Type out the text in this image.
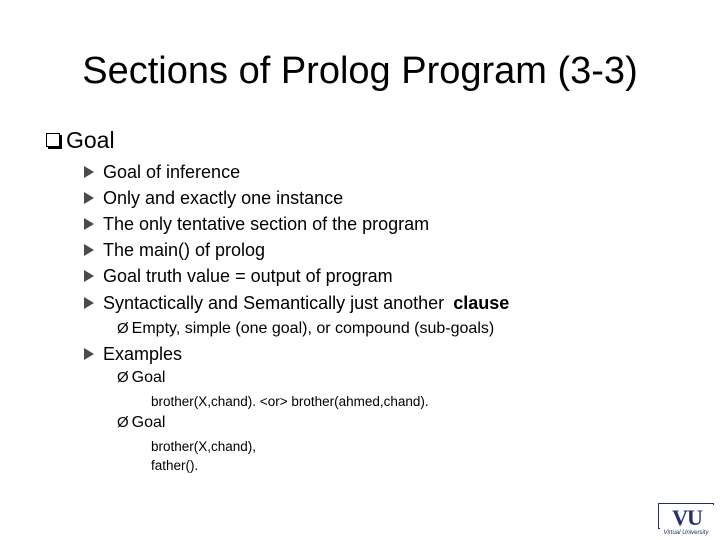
Sections of Prolog Program (3-3)
Goal
Goal of inference
Only and exactly one instance
The only tentative section of the program
The main() of prolog
Goal truth value = output of program
Syntactically and Semantically just another clause
Ø Empty, simple (one goal), or compound (sub-goals)
Examples
Ø Goal
brother(X,chand). <or> brother(ahmed,chand).
Ø Goal
brother(X,chand),
father().
VU
Virtual University
